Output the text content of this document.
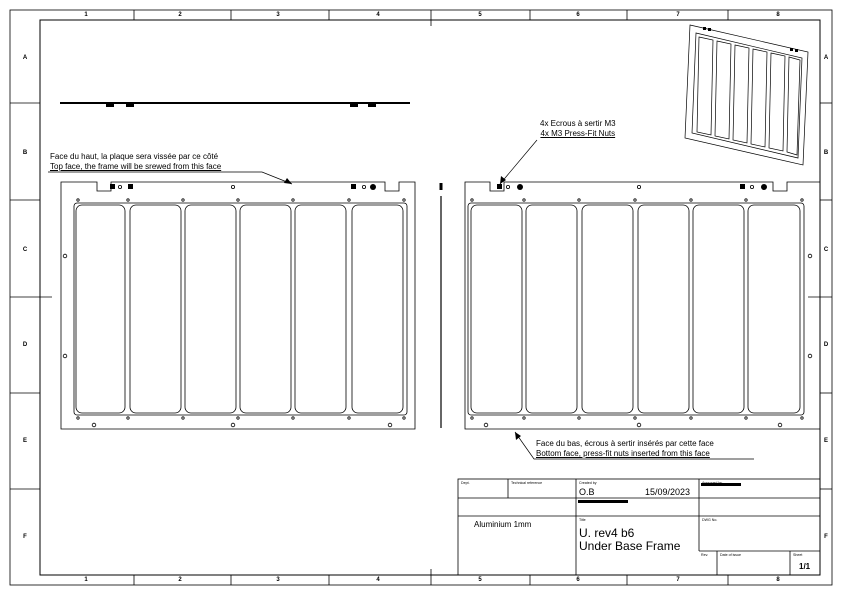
1	2	3	4	5	6	7	8
1	2	3	4	5	6	7	8
A
B
C
D
E
F
A
B
C
D
E
F
Face du haut, la plaque sera vissée par ce côté
Top face, the frame will be srewed from this face
4x Ecrous à sertir M3
4x M3 Press-Fit Nuts
Face du bas, écrous à sertir insérés par cette face
Bottom face, press-fit nuts inserted from this face
Dept.	Technical reference	Created by
O.B	15/09/2023
Approved by
Aluminium 1mm	Title
U. rev4 b6
Under Base Frame
DWG No.
Rev.	Date of issue	Sheet
1/1
